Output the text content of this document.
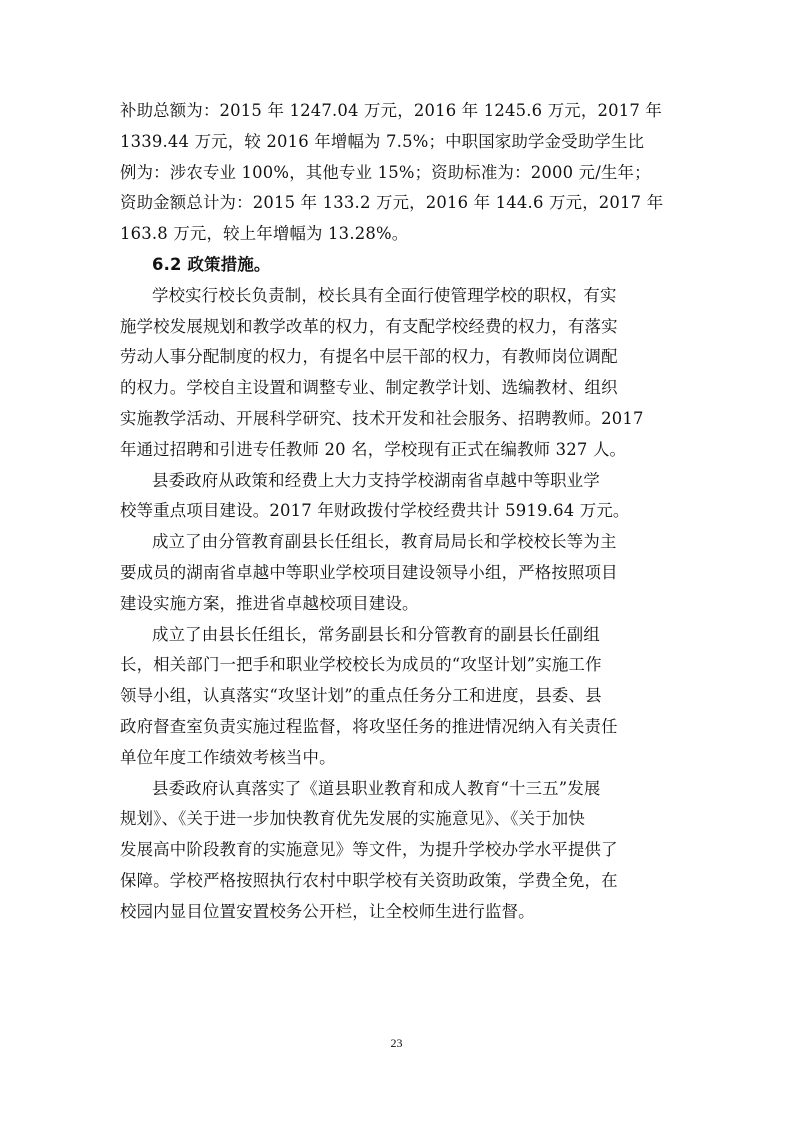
补助总额为：2015 年 1247.04 万元，2016 年 1245.6 万元，2017 年
1339.44 万元，较 2016 年增幅为 7.5%；中职国家助学金受助学生比
例为：涉农专业 100%，其他专业 15%；资助标准为：2000 元/生年；
资助金额总计为：2015 年 133.2 万元，2016 年 144.6 万元，2017 年
163.8 万元，较上年增幅为 13.28%。
6.2 政策措施。
学校实行校长负责制，校长具有全面行使管理学校的职权，有实
施学校发展规划和教学改革的权力，有支配学校经费的权力，有落实
劳动人事分配制度的权力，有提名中层干部的权力，有教师岗位调配
的权力。学校自主设置和调整专业、制定教学计划、选编教材、组织
实施教学活动、开展科学研究、技术开发和社会服务、招聘教师。2017
年通过招聘和引进专任教师 20 名，学校现有正式在编教师 327 人。
县委政府从政策和经费上大力支持学校湖南省卓越中等职业学
校等重点项目建设。2017 年财政拨付学校经费共计 5919.64 万元。
成立了由分管教育副县长任组长，教育局局长和学校校长等为主
要成员的湖南省卓越中等职业学校项目建设领导小组，严格按照项目
建设实施方案，推进省卓越校项目建设。
成立了由县长任组长，常务副县长和分管教育的副县长任副组
长，相关部门一把手和职业学校校长为成员的“攻坚计划”实施工作
领导小组，认真落实“攻坚计划”的重点任务分工和进度，县委、县
政府督查室负责实施过程监督，将攻坚任务的推进情况纳入有关责任
单位年度工作绩效考核当中。
县委政府认真落实了《道县职业教育和成人教育“十三五”发展
规划》、《关于进一步加快教育优先发展的实施意见》、《关于加快
发展高中阶段教育的实施意见》等文件，为提升学校办学水平提供了
保障。学校严格按照执行农村中职学校有关资助政策，学费全免，在
校园内显目位置安置校务公开栏，让全校师生进行监督。
23
